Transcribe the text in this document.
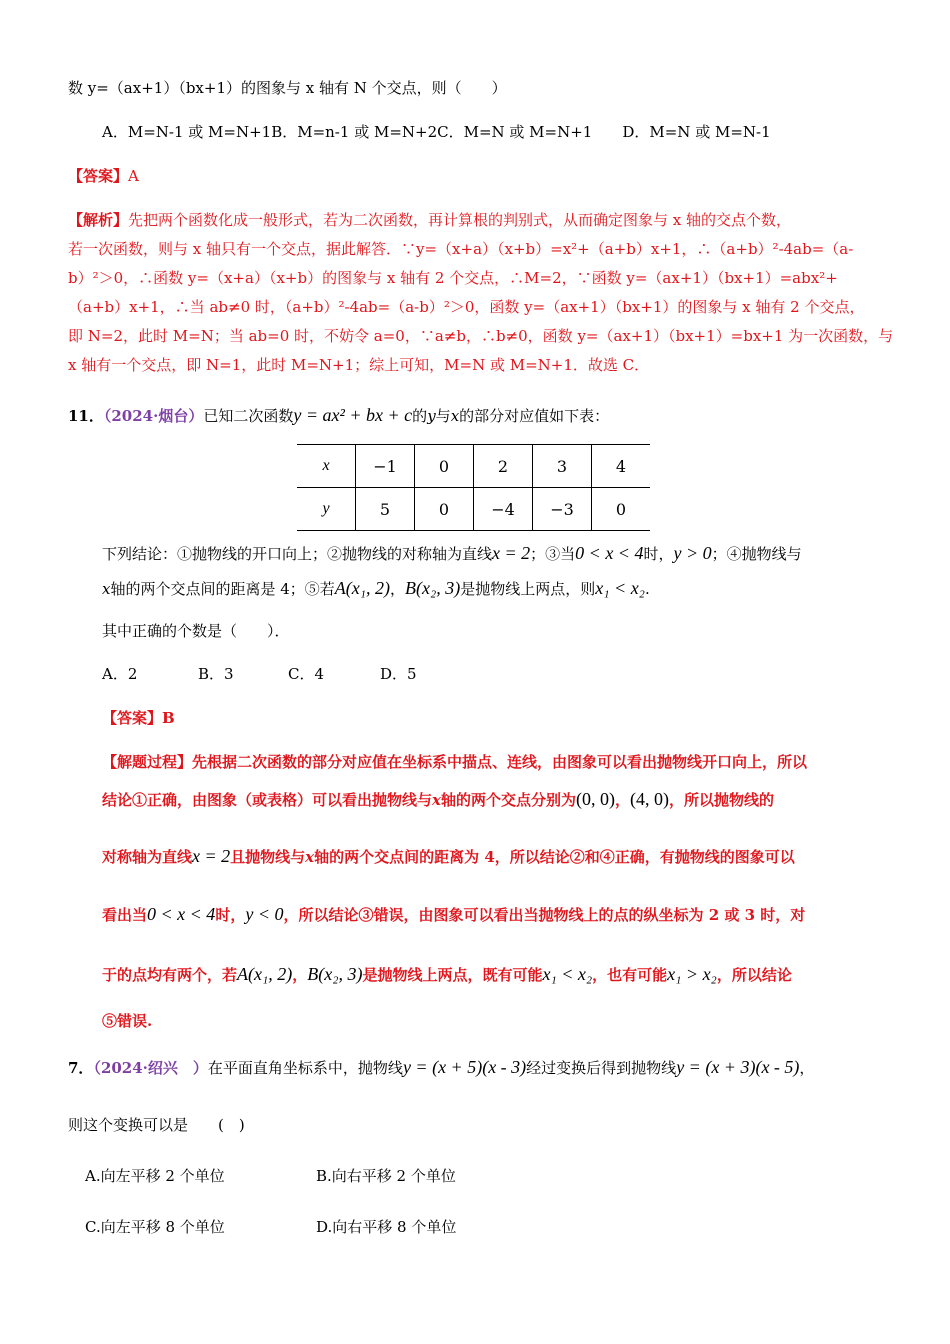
数 y=（ax+1）（bx+1）的图象与 x 轴有 N 个交点，则（　　）
A．M=N-1 或 M=N+1B．M=n-1 或 M=N+2C．M=N 或 M=N+1　　D．M=N 或 M=N-1
【答案】A
【解析】先把两个函数化成一般形式，若为二次函数，再计算根的判别式，从而确定图象与 x 轴的交点个数，
若一次函数，则与 x 轴只有一个交点，据此解答．∵y=（x+a）（x+b）=x²+（a+b）x+1，∴（a+b）²-4ab=（a-
b）²＞0，∴函数 y=（x+a）（x+b）的图象与 x 轴有 2 个交点，∴M=2，∵函数 y=（ax+1）（bx+1）=abx²+
（a+b）x+1，∴当 ab≠0 时，（a+b）²-4ab=（a-b）²＞0，函数 y=（ax+1）（bx+1）的图象与 x 轴有 2 个交点，
即 N=2，此时 M=N；当 ab=0 时，不妨令 a=0，∵a≠b，∴b≠0，函数 y=（ax+1）（bx+1）=bx+1 为一次函数，与
x 轴有一个交点，即 N=1，此时 M=N+1；综上可知，M=N 或 M=N+1．故选 C．
11．（2024·烟台）已知二次函数y = ax² + bx + c的y与x的部分对应值如下表：
x	−1	0	2	3	4
y	5	0	−4	−3	0
下列结论：①抛物线的开口向上；②抛物线的对称轴为直线x = 2；③当0 < x < 4时，y > 0；④抛物线与
x轴的两个交点间的距离是 4；⑤若A(x₁, 2)，B(x₂, 3)是抛物线上两点，则x₁ < x₂.
其中正确的个数是（　　）．
A．2	B．3	C．4	D．5
【答案】B
【解题过程】先根据二次函数的部分对应值在坐标系中描点、连线，由图象可以看出抛物线开口向上，所以
结论①正确，由图象（或表格）可以看出抛物线与x轴的两个交点分别为(0, 0)，(4, 0)，所以抛物线的
对称轴为直线x = 2且抛物线与x轴的两个交点间的距离为 4，所以结论②和④正确，有抛物线的图象可以
看出当0 < x < 4时，y < 0，所以结论③错误，由图象可以看出当抛物线上的点的纵坐标为 2 或 3 时，对
于的点均有两个，若A(x₁, 2)，B(x₂, 3)是抛物线上两点，既有可能x₁ < x₂，也有可能x₁ > x₂，所以结论
⑤错误.
7．（2024·绍兴　）在平面直角坐标系中，抛物线y = (x + 5)(x - 3)经过变换后得到抛物线y = (x + 3)(x - 5)，
则这个变换可以是　　(　)
A.向左平移 2 个单位	B.向右平移 2 个单位
C.向左平移 8 个单位	D.向右平移 8 个单位
